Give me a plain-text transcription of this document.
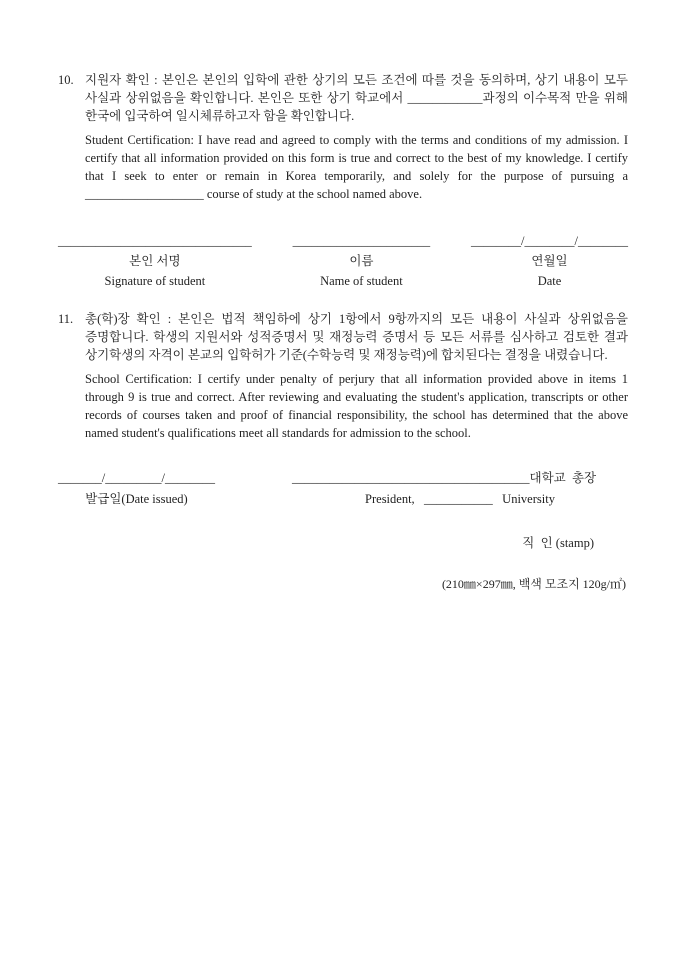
10. 지원자 확인 : 본인은 본인의 입학에 관한 상기의 모든 조건에 따를 것을 동의하며, 상기 내용이 모두 사실과 상위없음을 확인합니다. 본인은 또한 상기 학교에서 ____________과정의 이수목적 만을 위해 한국에 입국하여 일시체류하고자 함을 확인합니다.

Student Certification: I have read and agreed to comply with the terms and conditions of my admission. I certify that all information provided on this form is true and correct to the best of my knowledge. I certify that I seek to enter or remain in Korea temporarily, and solely for the purpose of pursuing a ___________________ course of study at the school named above.

_______________________________
본인 서명
Signature of student
______________________
이름
Name of student
________/________/________
연월일
Date
11. 총(학)장 확인 : 본인은 법적 책임하에 상기 1항에서 9항까지의 모든 내용이 사실과 상위없음을 증명합니다. 학생의 지원서와 성적증명서 및 재정능력 증명서 등 모든 서류를 심사하고 검토한 결과 상기학생의 자격이 본교의 입학허가 기준(수학능력 및 재정능력)에 합치된다는 결정을 내렸습니다.

School Certification: I certify under penalty of perjury that all information provided above in items 1 through 9 is true and correct. After reviewing and evaluating the student's application, transcripts or other records of courses taken and proof of financial responsibility, the school has determined that the above named student's qualifications meet all standards for admission to the school.

_______/_________/________
발급일(Date issued)
______________________________________대학교  총장
President,   ___________   University
직  인 (stamp)
(210㎜×297㎜, 백색 모조지 120g/㎡)
